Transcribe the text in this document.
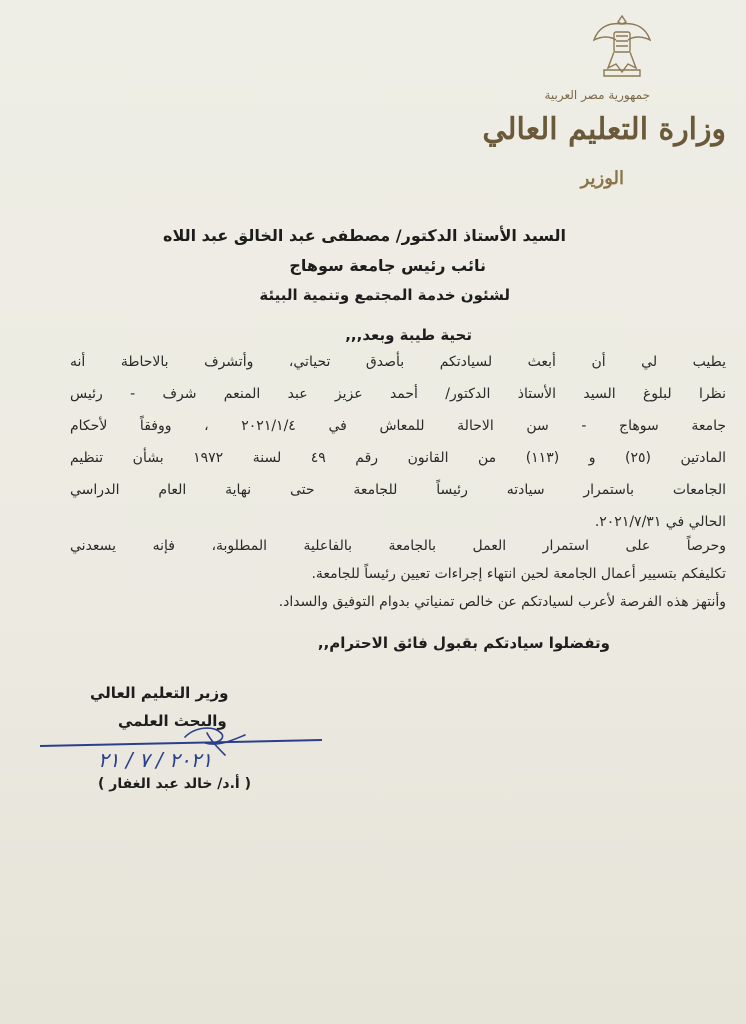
جمهورية مصر العربية
وزارة التعليم العالي
الوزير
السيد الأستاذ الدكتور/ مصطفى عبد الخالق عبد اللاه
نائب رئيس جامعة سوهاج
لشئون خدمة المجتمع وتنمية البيئة
تحية طيبة وبعد,,,
يطيب لي أن أبعث لسيادتكم بأصدق تحياتي، وأتشرف بالاحاطة أنه
نظرا لبلوغ السيد الأستاذ الدكتور/ أحمد عزيز عبد المنعم شرف - رئيس
جامعة سوهاج - سن الاحالة للمعاش في ٢٠٢١/١/٤ ، ووفقاً لأحكام
المادتين (٢٥) و (١١٣) من القانون رقم ٤٩ لسنة ١٩٧٢ بشأن تنظيم
الجامعات باستمرار سيادته رئيساً للجامعة حتى نهاية العام الدراسي
الحالي في ٢٠٢١/٧/٣١.
وحرصاً على استمرار العمل بالجامعة بالفاعلية المطلوبة، فإنه يسعدني
تكليفكم بتسيير أعمال الجامعة لحين انتهاء إجراءات تعيين رئيساً للجامعة.
وأنتهز هذه الفرصة لأعرب لسيادتكم عن خالص تمنياتي بدوام التوفيق والسداد.
وتفضلوا سيادتكم بقبول فائق الاحترام,,
وزير التعليم العالي
والبحث العلمي
٢٠٢١ / ٧ / ٢١
( أ.د/ خالد عبد الغفار )
